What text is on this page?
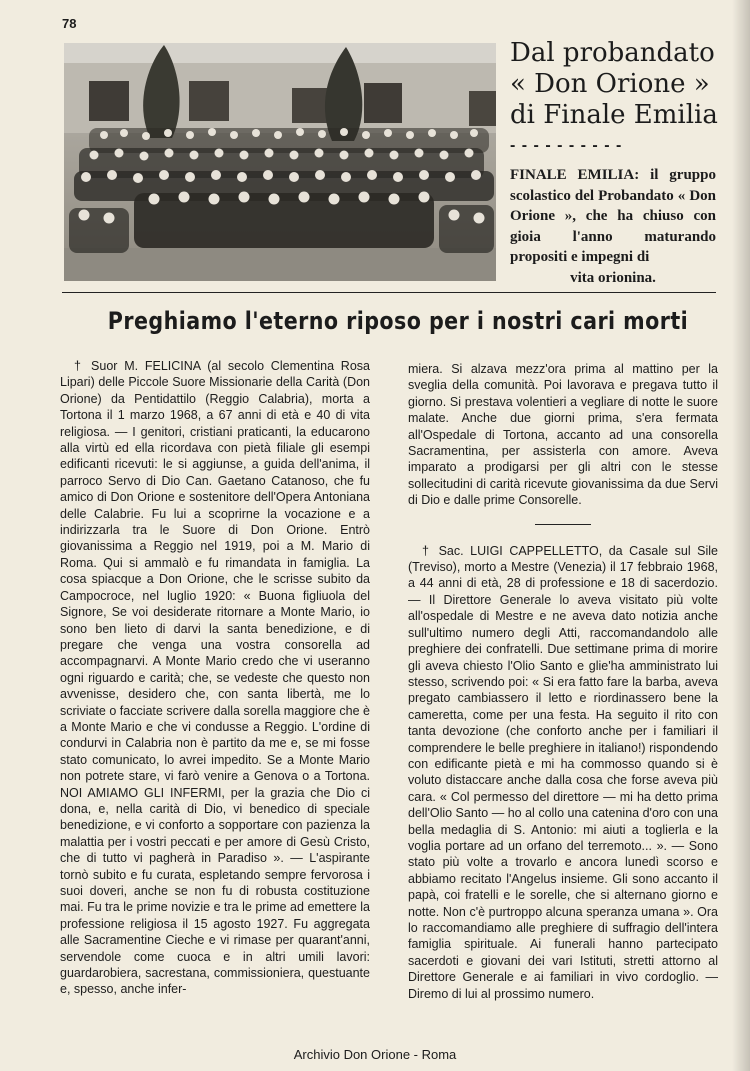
78
Dal probandato
« Don Orione »
di Finale Emilia
- - - - - - - - - -
FINALE EMILIA: il gruppo scolastico del Probandato « Don Orione », che ha chiuso con gioia l'anno maturando propositi e impegni di
vita orionina.
Preghiamo l'eterno riposo per i nostri cari morti

† Suor M. FELICINA (al secolo Clementina Rosa Lipari) delle Piccole Suore Missionarie della Carità (Don Orione) da Pentidattilo (Reggio Calabria), morta a Tortona il 1 marzo 1968, a 67 anni di età e 40 di vita religiosa. — I genitori, cristiani praticanti, la educarono alla virtù ed ella ricordava con pietà filiale gli esempi edificanti ricevuti: le si aggiunse, a guida dell'anima, il parroco Servo di Dio Can. Gaetano Catanoso, che fu amico di Don Orione e sostenitore dell'Opera Antoniana delle Calabrie. Fu lui a scoprirne la vocazione e a indirizzarla tra le Suore di Don Orione. Entrò giovanissima a Reggio nel 1919, poi a M. Mario di Roma. Qui si ammalò e fu rimandata in famiglia. La cosa spiacque a Don Orione, che le scrisse subito da Campocroce, nel luglio 1920: « Buona figliuola del Signore, Se voi desiderate ritornare a Monte Mario, io sono ben lieto di darvi la santa benedizione, e di pregare che venga una vostra consorella ad accompagnarvi. A Monte Mario credo che vi useranno ogni riguardo e carità; che, se vedeste che questo non avvenisse, desidero che, con santa libertà, me lo scriviate o facciate scrivere dalla sorella maggiore che è a Monte Mario e che vi condusse a Reggio. L'ordine di condurvi in Calabria non è partito da me e, se mi fosse stato comunicato, lo avrei impedito. Se a Monte Mario non potrete stare, vi farò venire a Genova o a Tortona. NOI AMIAMO GLI INFERMI, per la grazia che Dio ci dona, e, nella carità di Dio, vi benedico di speciale benedizione, e vi conforto a sopportare con pazienza la malattia per i vostri peccati e per amore di Gesù Cristo, che di tutto vi pagherà in Paradiso ». — L'aspirante tornò subito e fu curata, espletando sempre fervorosa i suoi doveri, anche se non fu di robusta costituzione mai. Fu tra le prime novizie e tra le prime ad emettere la professione religiosa il 15 agosto 1927. Fu aggregata alle Sacramentine Cieche e vi rimase per quarant'anni, servendole come cuoca e in altri umili lavori: guardarobiera, sacrestana, commissioniera, questuante e, spesso, anche infer-

miera. Si alzava mezz'ora prima al mattino per la sveglia della comunità. Poi lavorava e pregava tutto il giorno. Si prestava volentieri a vegliare di notte le suore malate. Anche due giorni prima, s'era fermata all'Ospedale di Tortona, accanto ad una consorella Sacramentina, per assisterla con amore. Aveva imparato a prodigarsi per gli altri con le stesse sollecitudini di carità ricevute giovanissima da due Servi di Dio e dalle prime Consorelle.

† Sac. LUIGI CAPPELLETTO, da Casale sul Sile (Treviso), morto a Mestre (Venezia) il 17 febbraio 1968, a 44 anni di età, 28 di professione e 18 di sacerdozio. — Il Direttore Generale lo aveva visitato più volte all'ospedale di Mestre e ne aveva dato notizia anche sull'ultimo numero degli Atti, raccomandandolo alle preghiere dei confratelli. Due settimane prima di morire gli aveva chiesto l'Olio Santo e glie'ha amministrato lui stesso, scrivendo poi: « Si era fatto fare la barba, aveva pregato cambiassero il letto e riordinassero bene la cameretta, come per una festa. Ha seguito il rito con tanta devozione (che conforto anche per i familiari il comprendere le belle preghiere in italiano!) rispondendo con edificante pietà e mi ha commosso quando si è voluto distaccare anche dalla cosa che forse aveva più cara. « Col permesso del direttore — mi ha detto prima dell'Olio Santo — ho al collo una catenina d'oro con una bella medaglia di S. Antonio: mi aiuti a toglierla e la voglia portare ad un orfano del terremoto... ». — Sono stato più volte a trovarlo e ancora lunedì scorso e abbiamo recitato l'Angelus insieme. Gli sono accanto il papà, coi fratelli e le sorelle, che si alternano giorno e notte. Non c'è purtroppo alcuna speranza umana ». Ora lo raccomandiamo alle preghiere di suffragio dell'intera famiglia spirituale. Ai funerali hanno partecipato sacerdoti e giovani dei vari Istituti, stretti attorno al Direttore Generale e ai familiari in vivo cordoglio. — Diremo di lui al prossimo numero.

Archivio Don Orione - Roma
